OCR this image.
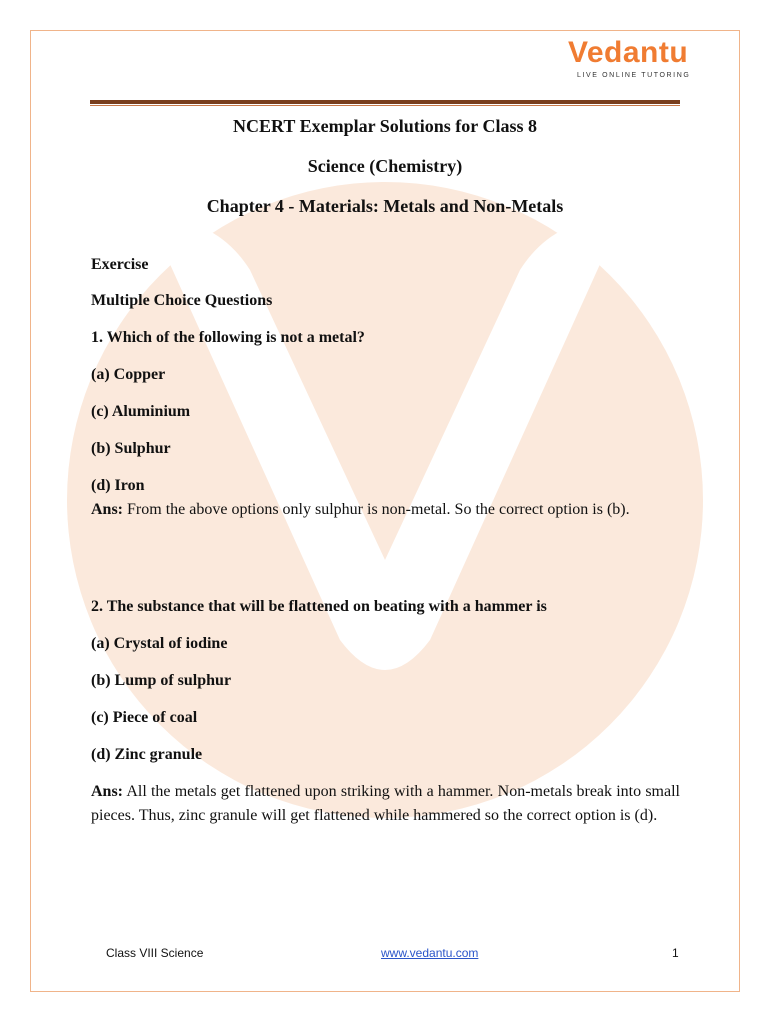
Vedantu
LIVE ONLINE TUTORING
NCERT Exemplar Solutions for Class 8
Science (Chemistry)
Chapter 4 - Materials: Metals and Non-Metals
Exercise
Multiple Choice Questions
1. Which of the following is not a metal?
(a) Copper
(c) Aluminium
(b) Sulphur
(d) Iron
Ans: From the above options only sulphur is non-metal. So the correct option is (b).
2. The substance that will be flattened on beating with a hammer is
(a) Crystal of iodine
(b) Lump of sulphur
(c) Piece of coal
(d) Zinc granule
Ans: All the metals get flattened upon striking with a hammer. Non-metals break into small pieces. Thus, zinc granule will get flattened while hammered so the correct option is (d).
Class VIII Science	www.vedantu.com	1
